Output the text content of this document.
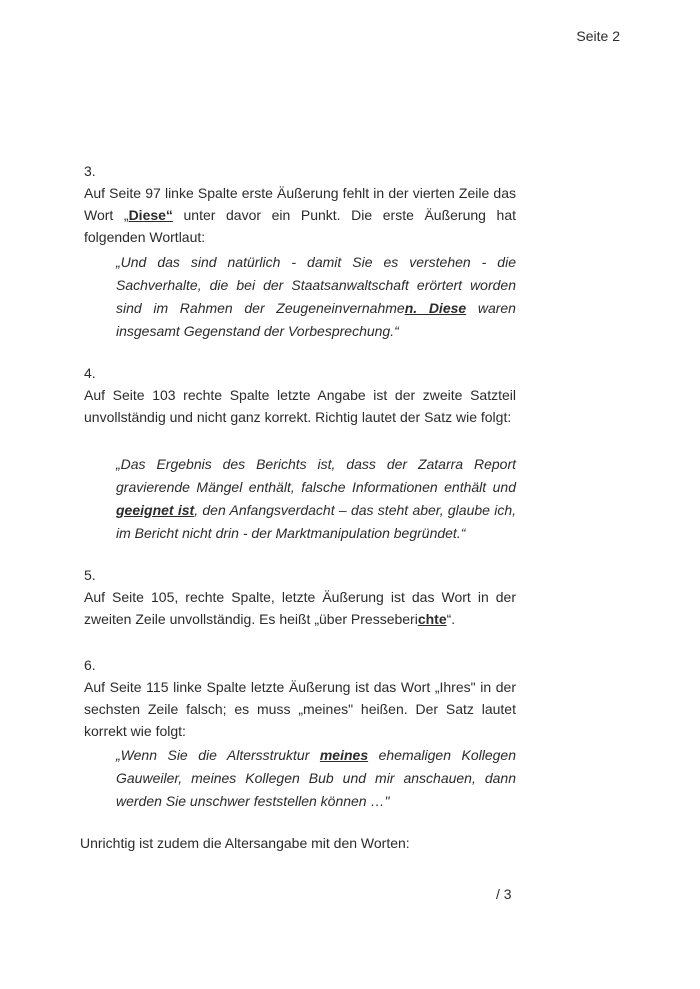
Seite 2
3.
Auf Seite 97 linke Spalte erste Äußerung fehlt in der vierten Zeile das Wort „Diese“ unter davor ein Punkt. Die erste Äußerung hat folgenden Wortlaut:
„Und das sind natürlich - damit Sie es verstehen - die Sachverhalte, die bei der Staatsanwaltschaft erörtert worden sind im Rahmen der Zeugeneinvernahmen. Diese waren insgesamt Gegenstand der Vorbesprechung.“
4.
Auf Seite 103 rechte Spalte letzte Angabe ist der zweite Satzteil unvollständig und nicht ganz korrekt. Richtig lautet der Satz wie folgt:
„Das Ergebnis des Berichts ist, dass der Zatarra Report gravierende Mängel enthält, falsche Informationen enthält und geeignet ist, den Anfangsverdacht – das steht aber, glaube ich, im Bericht nicht drin - der Marktmanipulation begründet.“
5.
Auf Seite 105, rechte Spalte, letzte Äußerung ist das Wort in der zweiten Zeile unvollständig. Es heißt „über Presseberichte“.
6.
Auf Seite 115 linke Spalte letzte Äußerung ist das Wort „Ihres" in der sechsten Zeile falsch; es muss „meines" heißen. Der Satz lautet korrekt wie folgt:
„Wenn Sie die Altersstruktur meines ehemaligen Kollegen Gauweiler, meines Kollegen Bub und mir anschauen, dann werden Sie unschwer feststellen können …"
Unrichtig ist zudem die Altersangabe mit den Worten:
/ 3
